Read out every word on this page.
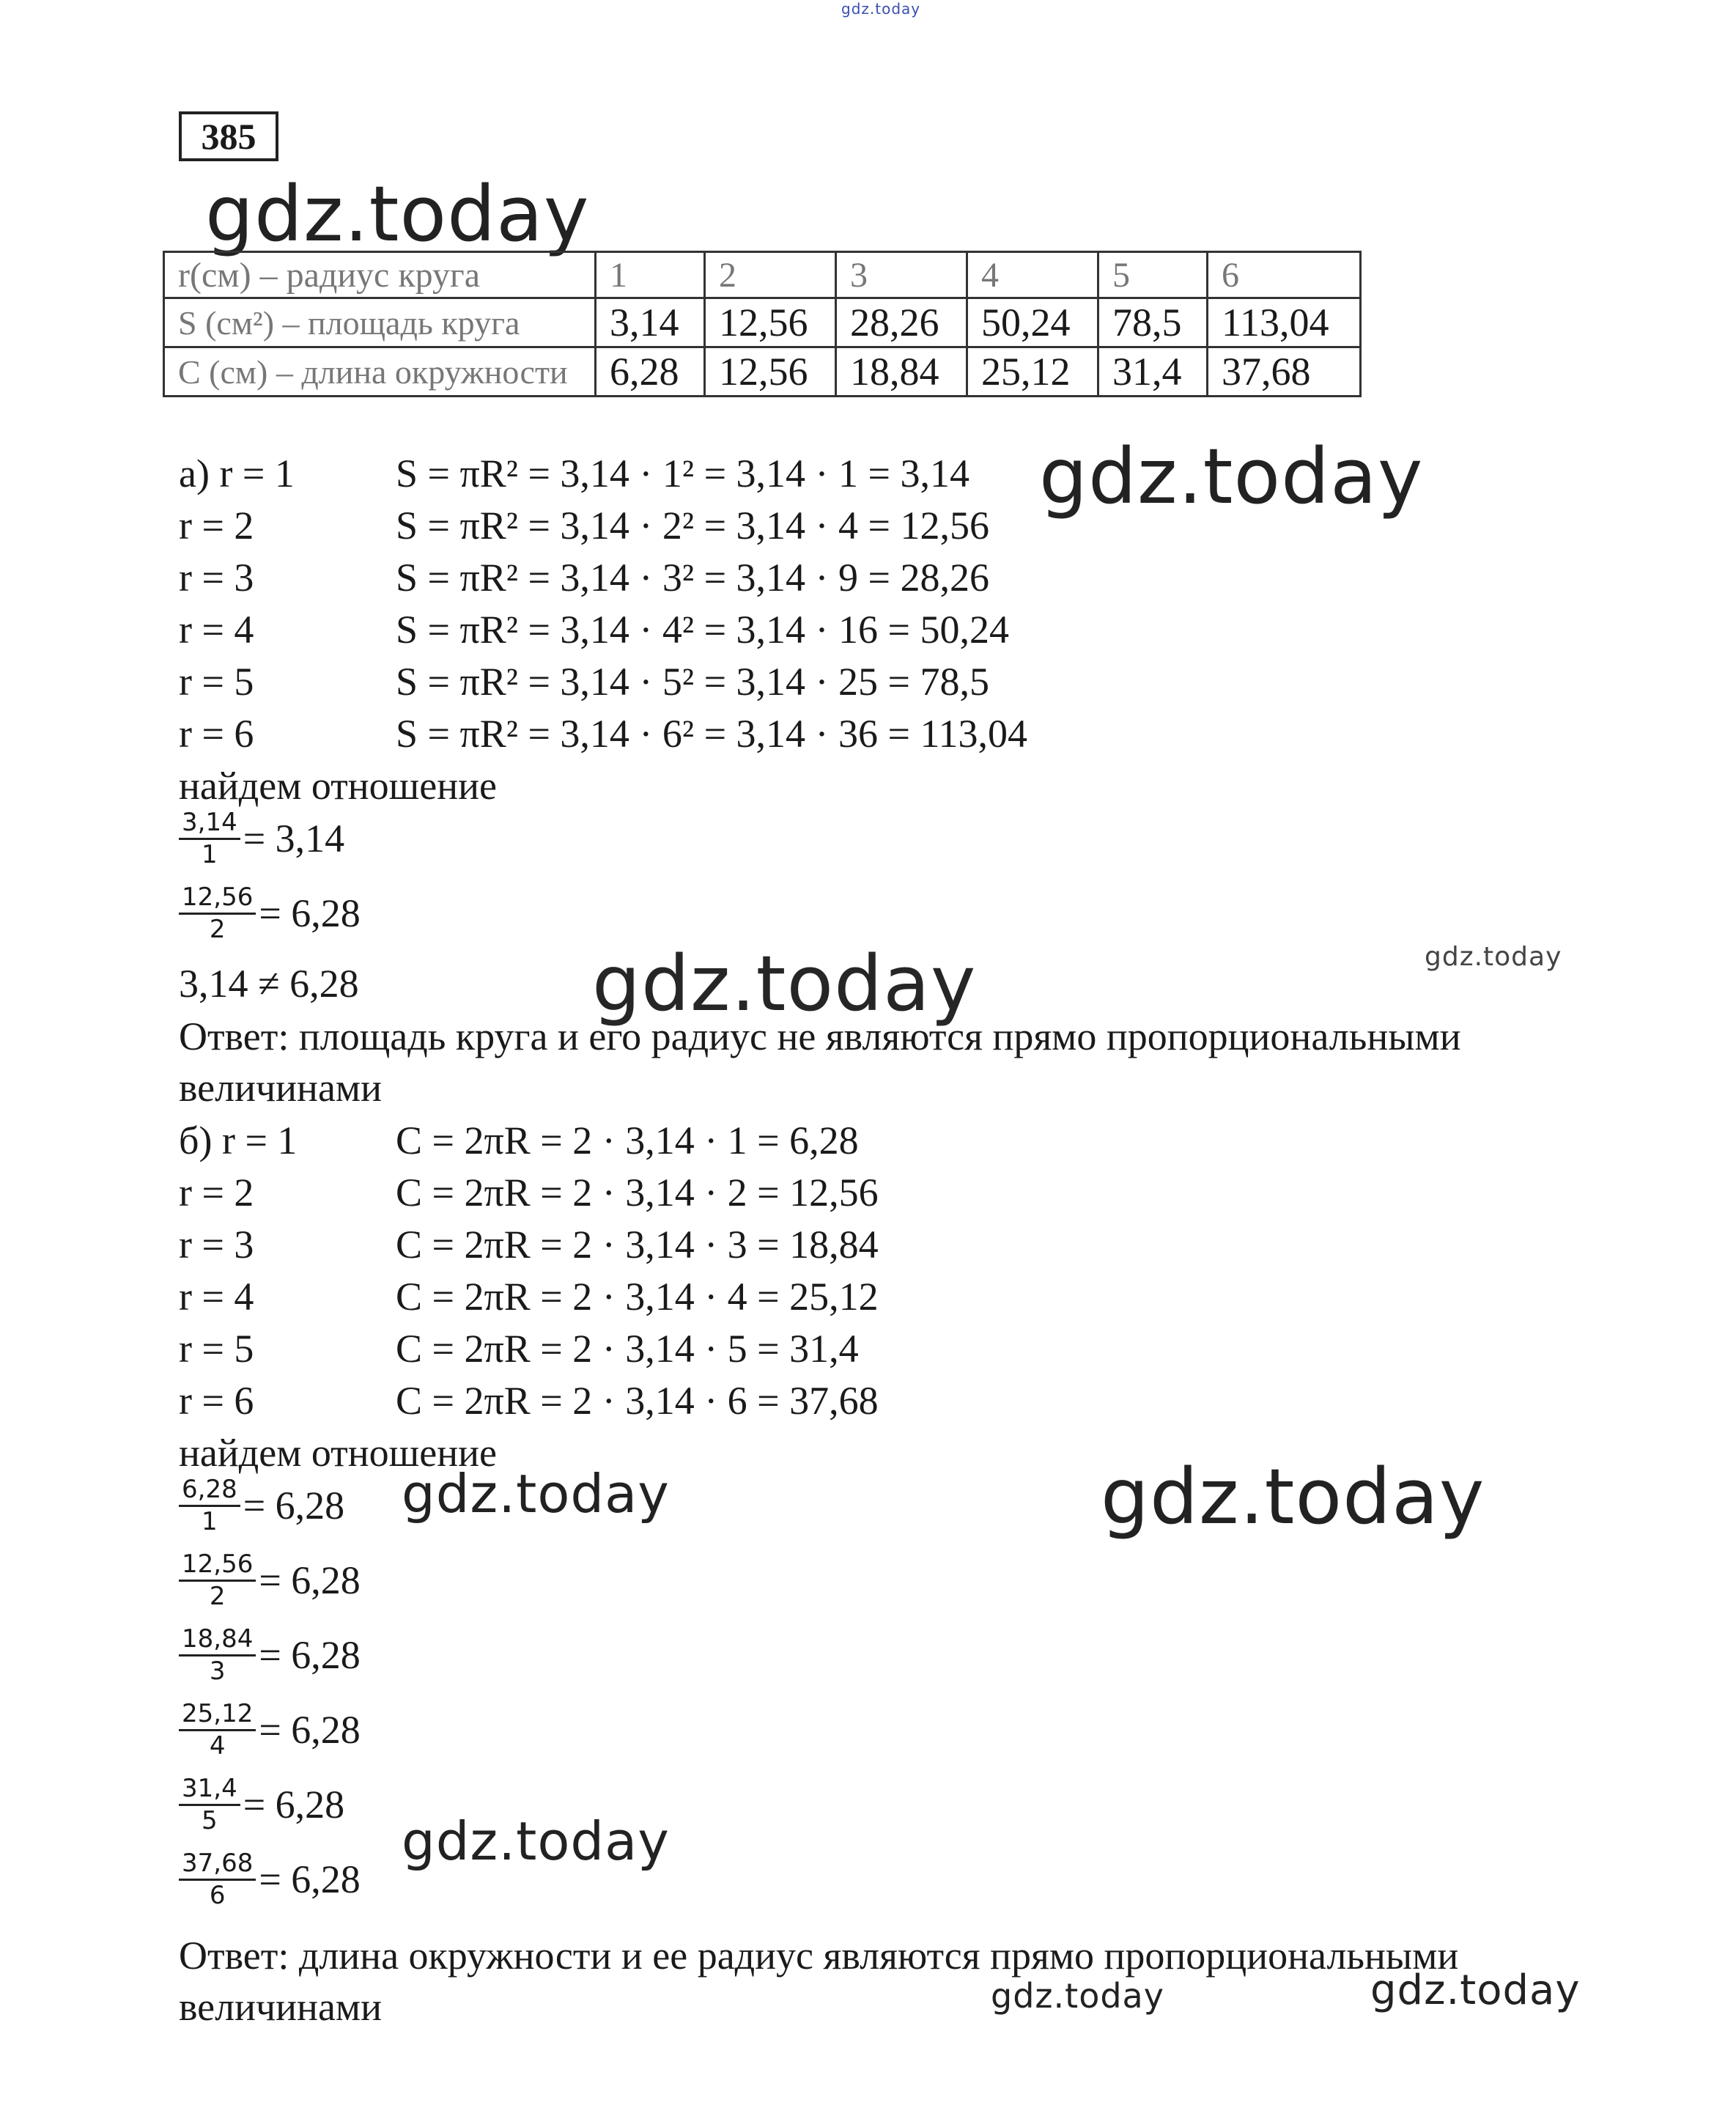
gdz.today
gdz.today
gdz.today
gdz.today	gdz.today
gdz.today	gdz.today
gdz.today
gdz.today	gdz.today
385
r(см) – радиус круга	1	2	3	4	5	6
S (см²) – площадь круга	3,14	12,56	28,26	50,24	78,5	113,04
C (см) – длина окружности	6,28	12,56	18,84	25,12	31,4	37,68
а) r = 1	S = πR² = 3,14 · 1² = 3,14 · 1 = 3,14
r = 2	S = πR² = 3,14 · 2² = 3,14 · 4 = 12,56
r = 3	S = πR² = 3,14 · 3² = 3,14 · 9 = 28,26
r = 4	S = πR² = 3,14 · 4² = 3,14 · 16 = 50,24
r = 5	S = πR² = 3,14 · 5² = 3,14 · 25 = 78,5
r = 6	S = πR² = 3,14 · 6² = 3,14 · 36 = 113,04
найдем отношение
$\frac{3,14}{1} = 3,14$
$\frac{12,56}{2} = 6,28$
3,14 ≠ 6,28
Ответ: площадь круга и его радиус не являются прямо пропорциональными
величинами
б) r = 1 C = 2πR = 2 · 3,14 · 1 = 6,28
r = 2	C = 2πR = 2 · 3,14 · 2 = 12,56
r = 3	C = 2πR = 2 · 3,14 · 3 = 18,84
r = 4	C = 2πR = 2 · 3,14 · 4 = 25,12
r = 5	C = 2πR = 2 · 3,14 · 5 = 31,4
r = 6	C = 2πR = 2 · 3,14 · 6 = 37,68
найдем отношение
$\frac{6,28}{1} = 6,28$
$\frac{12,56}{2} = 6,28$
$\frac{18,84}{3} = 6,28$
$\frac{25,12}{4} = 6,28$
$\frac{31,4}{5} = 6,28$
$\frac{37,68}{6} = 6,28$
Ответ: длина окружности и ее радиус являются прямо пропорциональными
величинами
